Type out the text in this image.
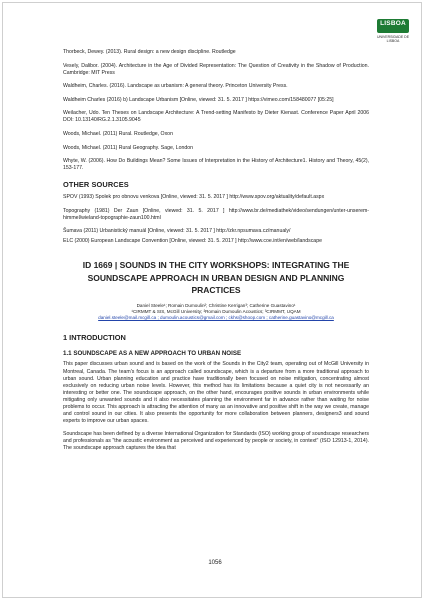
LISBOA
UNIVERSIDADE DE LISBOA

Thorbeck, Dewey. (2013). Rural design: a new design discipline. Routledge

Vesely, Dalibor. (2004). Architecture in the Age of Divided Representation: The Question of Creativity in the Shadow of Production. Cambridge: MIT Press

Waldheim, Charles. (2016). Landscape as urbanism: A general theory. Princeton University Press.

Waldheim Charles (2016) b) Landscape Urbanism [Online, viewed: 31. 5. 2017 ] https://vimeo.com/158480077 [05:25]

Weilacher, Udo. Ten Theses on Landscape Architecture: A Trend-setting Manifesto by Dieter Kienast. Conference Paper April 2006 DOI: 10.13140/RG.2.1.3105.9045

Woods, Michael. (2011) Rural. Routledge, Oxon

Woods, Michael. (2011) Rural Geography. Sage, London

Whyte, W. (2006). How Do Buildings Mean? Some Issues of Interpretation in the History of Architecture1. History and Theory, 45(2), 153-177.

OTHER SOURCES

SPOV (1993) Spolek pro obnovu venkova [Online, viewed: 31. 5. 2017 ] http://www.spov.org/aktuality/default.aspx

Topography (1981) Der Zaun [Online, viewed: 31. 5. 2017 ] http://www.br.de/mediathek/video/sendungen/unter-unserem-himmel/wieland-topographie-zaun100.html

Šumava (2011) Urbanistický manuál [Online, viewed: 31. 5. 2017 ] http://zkr.npsumava.cz/manualy/

ELC (2000) European Landscape Convention [Online, viewed: 31. 5. 2017 ] http://www.coe.int/en/web/landscape

ID 1669 | SOUNDS IN THE CITY WORKSHOPS: INTEGRATING THE SOUNDSCAPE APPROACH IN URBAN DESIGN AND PLANNING PRACTICES

Daniel Steele¹; Romain Dumoulin²; Christine Kerrigan³; Catherine Guastavino¹

¹CIRMMT & SIS, McGill University; ²Romain Dumoulin Acoustics; ³CIRMMT, UQAM

daniel.steele@mail.mcgill.ca ; dumoulin.acoustics@gmail.com ; ckhs@shoop.com ; catherine.guastavino@mcgill.ca

1 INTRODUCTION
1.1 SOUNDSCAPE AS A NEW APPROACH TO URBAN NOISE

This paper discusses urban sound and is based on the work of the Sounds in the City2 team, operating out of McGill University in Montreal, Canada. The team's focus is an approach called soundscape, which is a departure from a more traditional approach to urban sound. Urban planning education and practice have traditionally been focused on noise mitigation, concentrating almost exclusively on reducing urban noise levels. However, this method has its limitations because a quiet city is not necessarily an interesting or better one. The soundscape approach, on the other hand, encourages positive sounds in urban environments while mitigating only unwanted sounds and it also necessitates planning the environment far in advance rather than waiting for noise problems to occur. This approach is attracting the attention of many as an innovative and positive shift in the way we create, manage and control sound in our cities. It also presents the opportunity for more collaboration between planners, designers3 and sound experts to improve our urban spaces.

Soundscape has been defined by a diverse International Organization for Standards (ISO) working group of soundscape researchers and professionals as "the acoustic environment as perceived and experienced by people or society, in context" (ISO 12913-1, 2014). The soundscape approach captures the idea that

1056
